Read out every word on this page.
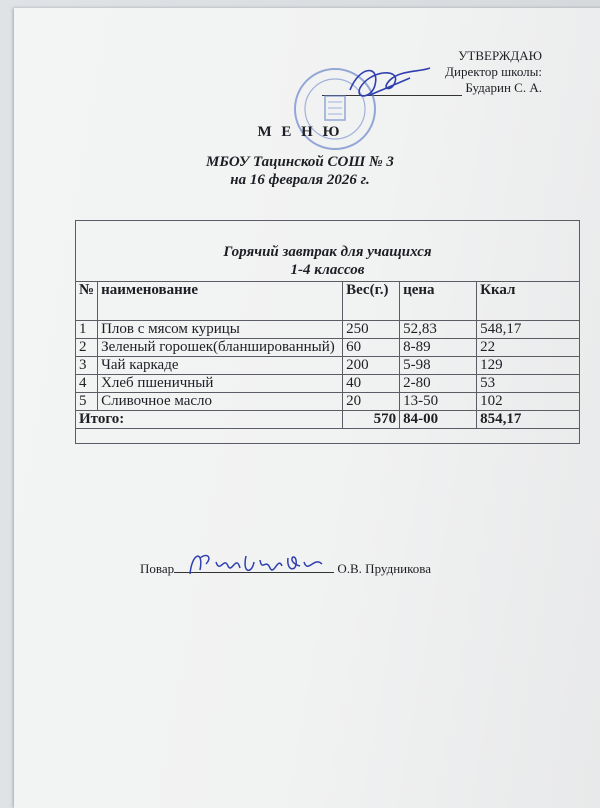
УТВЕРЖДАЮ
Директор школы:
Бударин С. А.
М Е Н Ю
МБОУ Тацинской СОШ № 3
на 16 февраля 2026 г.
Горячий завтрак для учащихся
1-4 классов				

№	наименование	Вес(г.)	цена	Ккал
1	Плов с мясом курицы	250	52,83	548,17
2	Зеленый горошек(бланшированный)	60	8-89	22
3	Чай каркаде	200	5-98	129
4	Хлеб пшеничный	40	2-80	53
5	Сливочное масло	20	13-50	102
Итого:		570	84-00	854,17

Повар	О.В. Прудникова
